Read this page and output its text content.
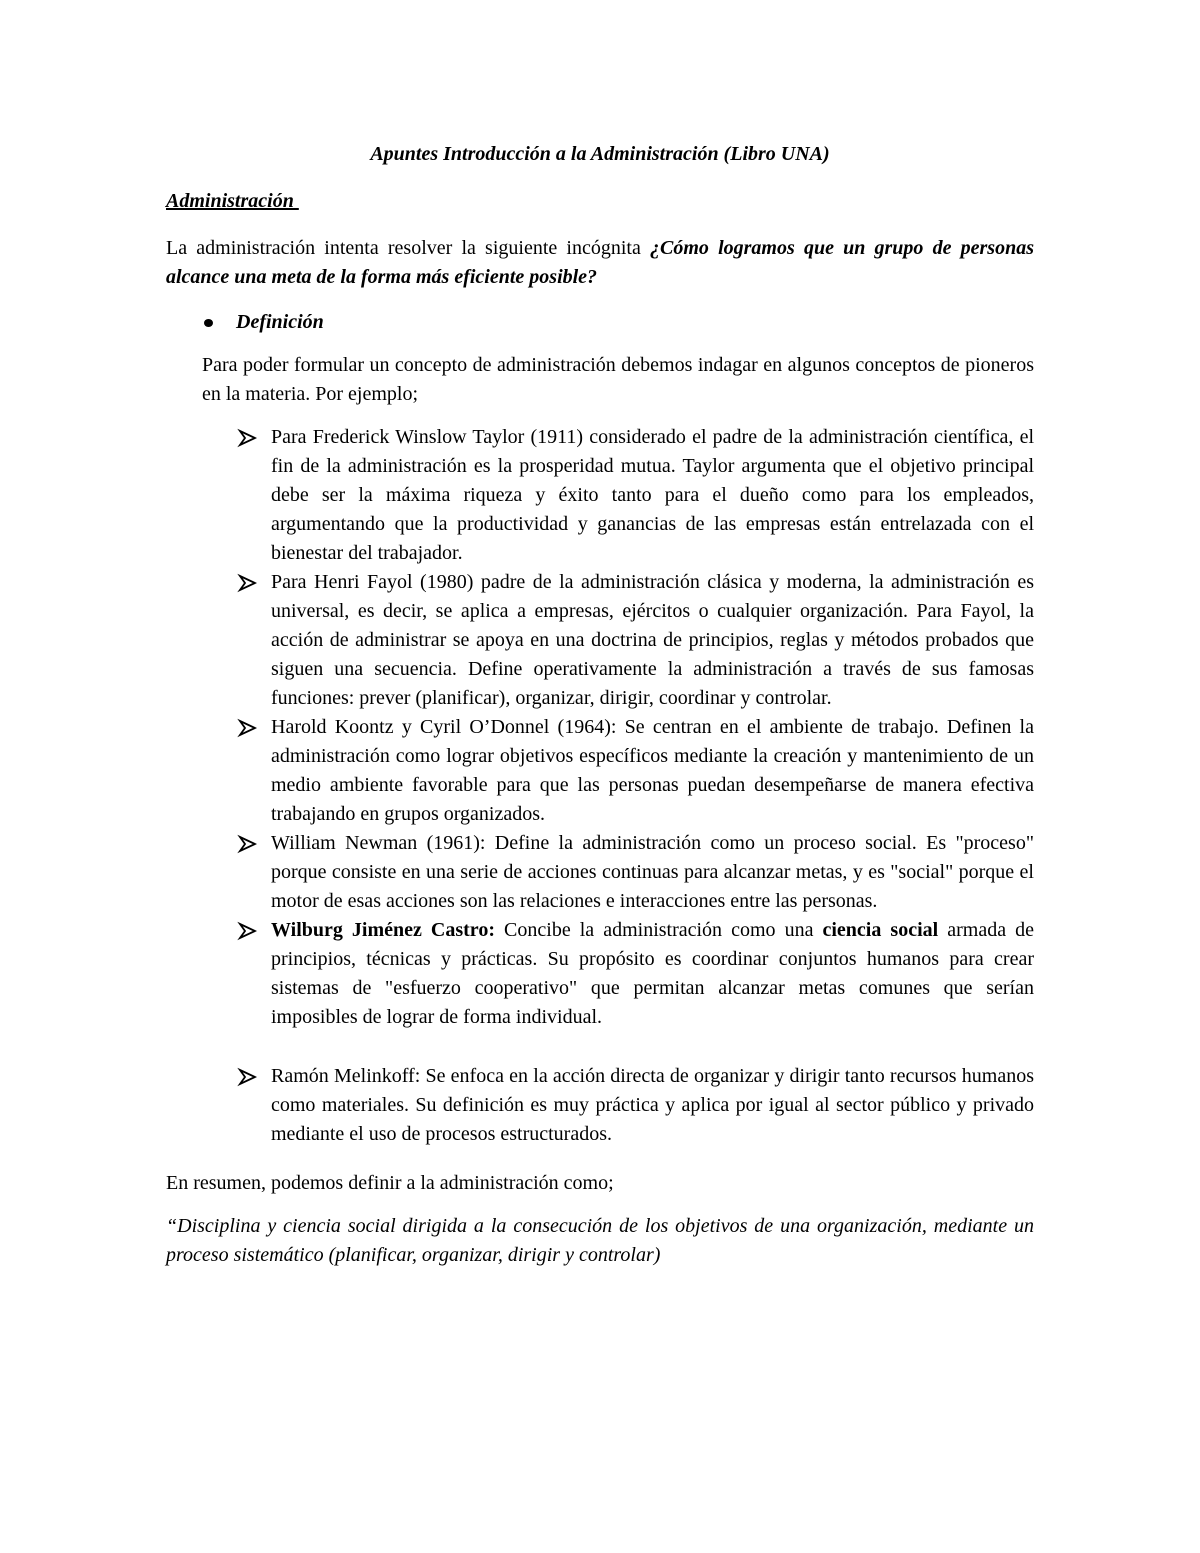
Apuntes Introducción a la Administración (Libro UNA)

Administración

La administración intenta resolver la siguiente incógnita ¿Cómo logramos que un grupo de personas alcance una meta de la forma más eficiente posible?

Definición

Para poder formular un concepto de administración debemos indagar en algunos conceptos de pioneros en la materia. Por ejemplo;

Para Frederick Winslow Taylor (1911) considerado el padre de la administración científica, el fin de la administración es la prosperidad mutua. Taylor argumenta que el objetivo principal debe ser la máxima riqueza y éxito tanto para el dueño como para los empleados, argumentando que la productividad y ganancias de las empresas están entrelazada con el bienestar del trabajador.
Para Henri Fayol (1980) padre de la administración clásica y moderna, la administración es universal, es decir, se aplica a empresas, ejércitos o cualquier organización. Para Fayol, la acción de administrar se apoya en una doctrina de principios, reglas y métodos probados que siguen una secuencia. Define operativamente la administración a través de sus famosas funciones: prever (planificar), organizar, dirigir, coordinar y controlar.
Harold Koontz y Cyril O’Donnel (1964): Se centran en el ambiente de trabajo. Definen la administración como lograr objetivos específicos mediante la creación y mantenimiento de un medio ambiente favorable para que las personas puedan desempeñarse de manera efectiva trabajando en grupos organizados.
William Newman (1961): Define la administración como un proceso social. Es "proceso" porque consiste en una serie de acciones continuas para alcanzar metas, y es "social" porque el motor de esas acciones son las relaciones e interacciones entre las personas.
Wilburg Jiménez Castro: Concibe la administración como una ciencia social armada de principios, técnicas y prácticas. Su propósito es coordinar conjuntos humanos para crear sistemas de "esfuerzo cooperativo" que permitan alcanzar metas comunes que serían imposibles de lograr de forma individual.
Ramón Melinkoff: Se enfoca en la acción directa de organizar y dirigir tanto recursos humanos como materiales. Su definición es muy práctica y aplica por igual al sector público y privado mediante el uso de procesos estructurados.

En resumen, podemos definir a la administración como;

“Disciplina y ciencia social dirigida a la consecución de los objetivos de una organización, mediante un proceso sistemático (planificar, organizar, dirigir y controlar)
